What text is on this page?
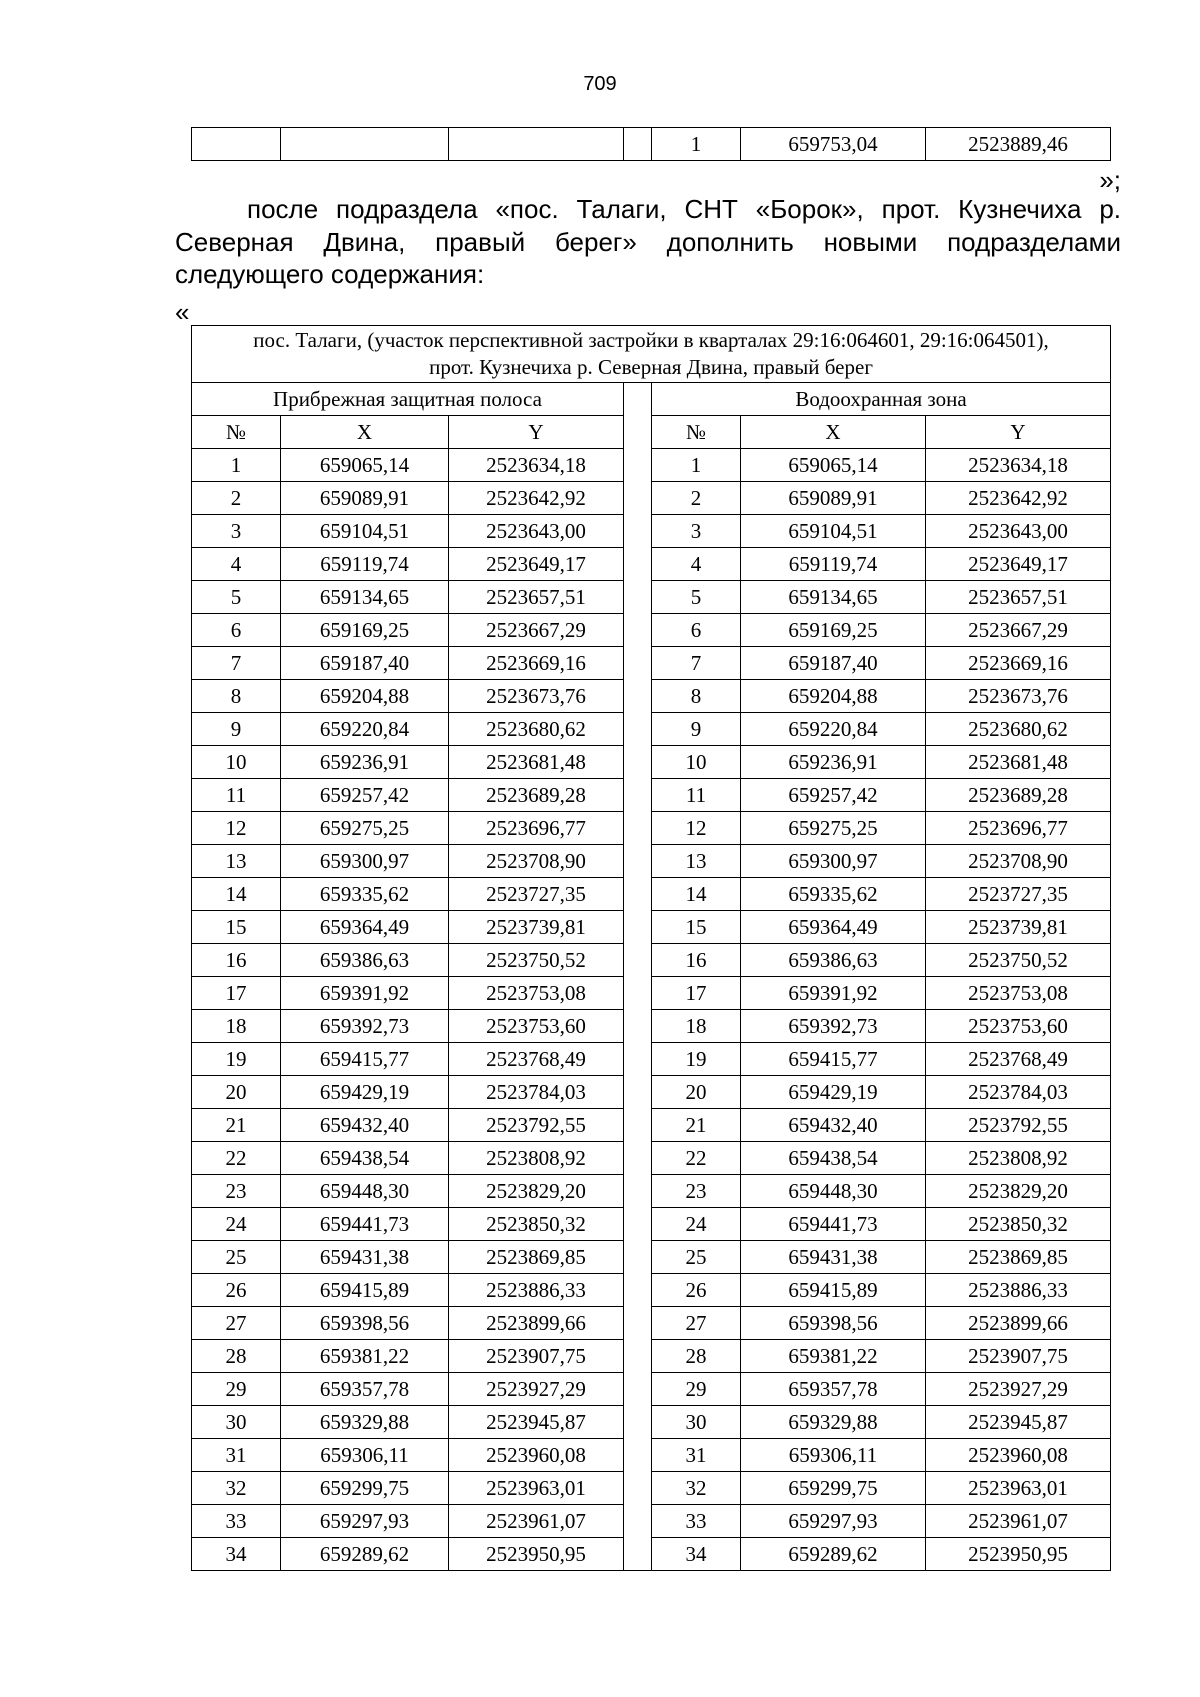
709
				1	659753,04	2523889,46
»;

после подраздела «пос. Талаги, СНТ «Борок», прот. Кузнечиха р. Северная Двина, правый берег» дополнить новыми подразделами следующего содержания:

«
пос. Талаги, (участок перспективной застройки в кварталах 29:16:064601, 29:16:064501), прот. Кузнечиха р. Северная Двина, правый берег						
Прибрежная защитная полоса				Водоохранная зона		
№	X	Y		№	X	Y
1	659065,14	2523634,18		1	659065,14	2523634,18
2	659089,91	2523642,92		2	659089,91	2523642,92
3	659104,51	2523643,00		3	659104,51	2523643,00
4	659119,74	2523649,17		4	659119,74	2523649,17
5	659134,65	2523657,51		5	659134,65	2523657,51
6	659169,25	2523667,29		6	659169,25	2523667,29
7	659187,40	2523669,16		7	659187,40	2523669,16
8	659204,88	2523673,76		8	659204,88	2523673,76
9	659220,84	2523680,62		9	659220,84	2523680,62
10	659236,91	2523681,48		10	659236,91	2523681,48
11	659257,42	2523689,28		11	659257,42	2523689,28
12	659275,25	2523696,77		12	659275,25	2523696,77
13	659300,97	2523708,90		13	659300,97	2523708,90
14	659335,62	2523727,35		14	659335,62	2523727,35
15	659364,49	2523739,81		15	659364,49	2523739,81
16	659386,63	2523750,52		16	659386,63	2523750,52
17	659391,92	2523753,08		17	659391,92	2523753,08
18	659392,73	2523753,60		18	659392,73	2523753,60
19	659415,77	2523768,49		19	659415,77	2523768,49
20	659429,19	2523784,03		20	659429,19	2523784,03
21	659432,40	2523792,55		21	659432,40	2523792,55
22	659438,54	2523808,92		22	659438,54	2523808,92
23	659448,30	2523829,20		23	659448,30	2523829,20
24	659441,73	2523850,32		24	659441,73	2523850,32
25	659431,38	2523869,85		25	659431,38	2523869,85
26	659415,89	2523886,33		26	659415,89	2523886,33
27	659398,56	2523899,66		27	659398,56	2523899,66
28	659381,22	2523907,75		28	659381,22	2523907,75
29	659357,78	2523927,29		29	659357,78	2523927,29
30	659329,88	2523945,87		30	659329,88	2523945,87
31	659306,11	2523960,08		31	659306,11	2523960,08
32	659299,75	2523963,01		32	659299,75	2523963,01
33	659297,93	2523961,07		33	659297,93	2523961,07
34	659289,62	2523950,95		34	659289,62	2523950,95
